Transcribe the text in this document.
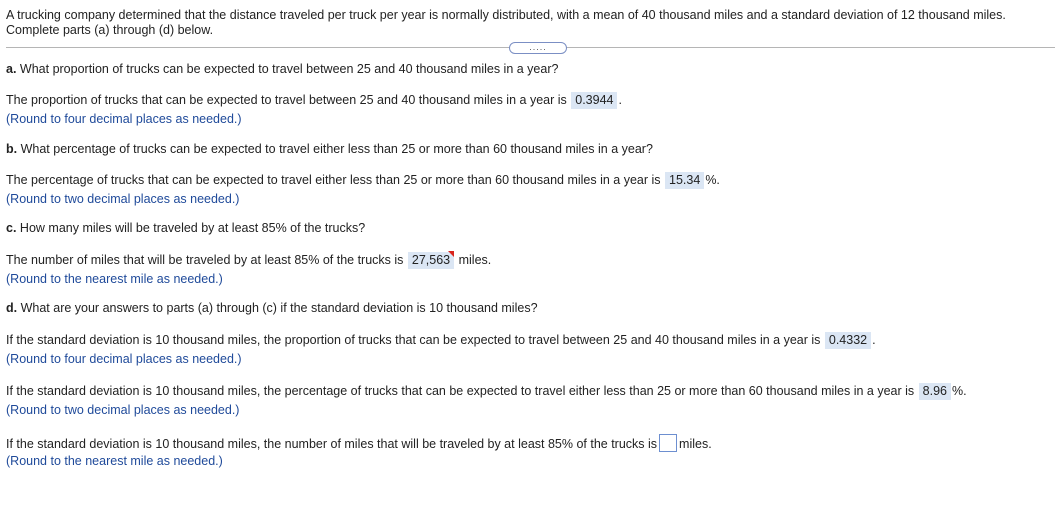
A trucking company determined that the distance traveled per truck per year is normally distributed, with a mean of 40 thousand miles and a standard deviation of 12 thousand miles.
Complete parts (a) through (d) below.
.....
a. What proportion of trucks can be expected to travel between 25 and 40 thousand miles in a year?
The proportion of trucks that can be expected to travel between 25 and 40 thousand miles in a year is 0.3944 .
(Round to four decimal places as needed.)
b. What percentage of trucks can be expected to travel either less than 25 or more than 60 thousand miles in a year?
The percentage of trucks that can be expected to travel either less than 25 or more than 60 thousand miles in a year is 15.34 %.
(Round to two decimal places as needed.)
c. How many miles will be traveled by at least 85% of the trucks?
The number of miles that will be traveled by at least 85% of the trucks is 27,563 miles.
(Round to the nearest mile as needed.)
d. What are your answers to parts (a) through (c) if the standard deviation is 10 thousand miles?
If the standard deviation is 10 thousand miles, the proportion of trucks that can be expected to travel between 25 and 40 thousand miles in a year is 0.4332 .
(Round to four decimal places as needed.)
If the standard deviation is 10 thousand miles, the percentage of trucks that can be expected to travel either less than 25 or more than 60 thousand miles in a year is 8.96 %.
(Round to two decimal places as needed.)
If the standard deviation is 10 thousand miles, the number of miles that will be traveled by at least 85% of the trucks is miles.
(Round to the nearest mile as needed.)
